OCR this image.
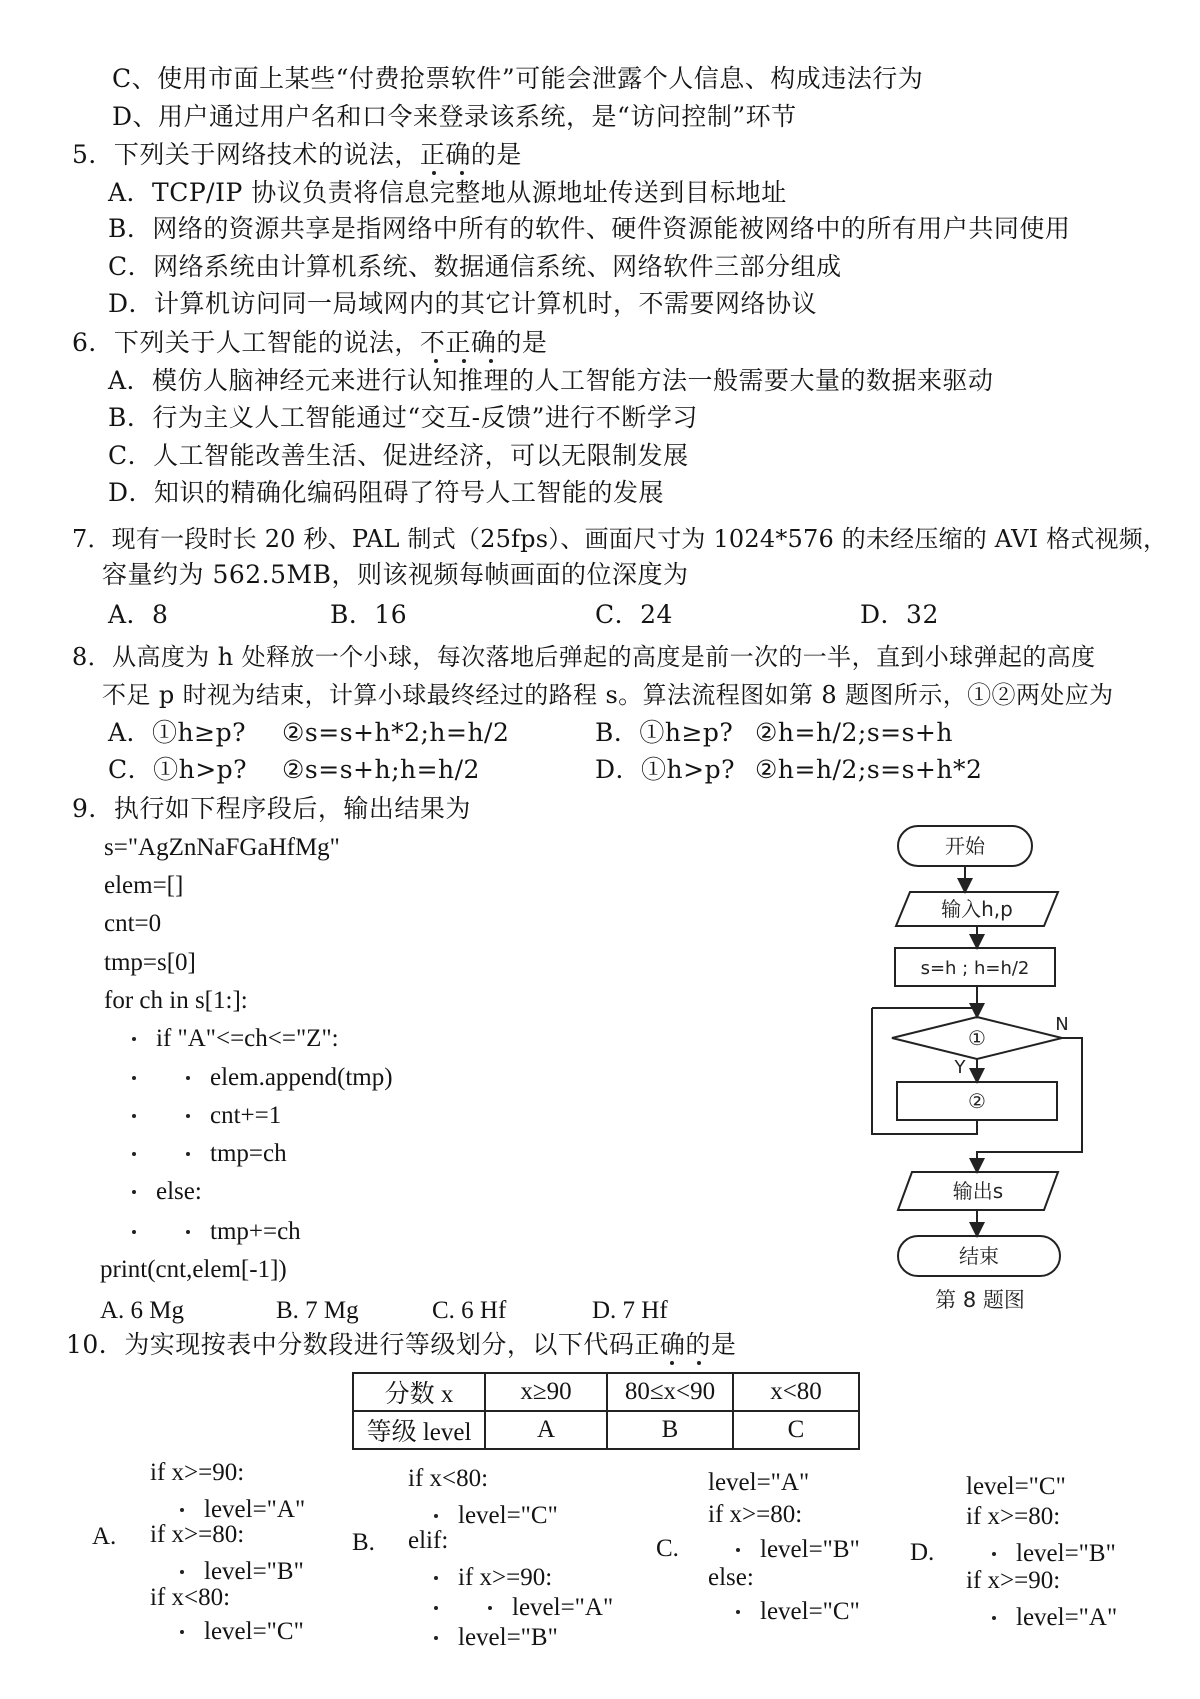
C、使用市面上某些“付费抢票软件”可能会泄露个人信息、构成违法行为
D、用户通过用户名和口令来登录该系统，是“访问控制”环节
5．下列关于网络技术的说法，正确的是
A．TCP/IP 协议负责将信息完整地从源地址传送到目标地址
B．网络的资源共享是指网络中所有的软件、硬件资源能被网络中的所有用户共同使用
C．网络系统由计算机系统、数据通信系统、网络软件三部分组成
D．计算机访问同一局域网内的其它计算机时，不需要网络协议
6．下列关于人工智能的说法，不正确的是
A．模仿人脑神经元来进行认知推理的人工智能方法一般需要大量的数据来驱动
B．行为主义人工智能通过“交互-反馈”进行不断学习
C．人工智能改善生活、促进经济，可以无限制发展
D．知识的精确化编码阻碍了符号人工智能的发展
7．现有一段时长 20 秒、PAL 制式（25fps）、画面尺寸为 1024*576 的未经压缩的 AVI 格式视频，
容量约为 562.5MB，则该视频每帧画面的位深度为
A．8	B．16	C．24	D．32
8．从高度为 h 处释放一个小球，每次落地后弹起的高度是前一次的一半，直到小球弹起的高度
不足 p 时视为结束，计算小球最终经过的路程 s。算法流程图如第 8 题图所示，①②两处应为
A．①h≥p? ②s=s+h*2;h=h/2	B．①h≥p? ②h=h/2;s=s+h
C．①h>p? ②s=s+h;h=h/2	D．①h>p? ②h=h/2;s=s+h*2
9．执行如下程序段后，输出结果为
s="AgZnNaFGaHfMg"
elem=[]
cnt=0
tmp=s[0]
for ch in s[1:]:
if "A"<=ch<="Z":
elem.append(tmp)
cnt+=1
tmp=ch
else:
tmp+=ch
print(cnt,elem[-1])
A. 6 Mg	B. 7 Mg	C. 6 Hf	D. 7 Hf
开始
输入h,p
s=h ; h=h/2
①
Y
N
②
输出s
结束
第 8 题图
10．为实现按表中分数段进行等级划分，以下代码正确的是
分数 x	x≥90	80≤x<90	x<80
等级 level	A	B	C
A.
if x>=90:
level="A"
if x>=80:
level="B"
if x<80:
level="C"
B.
if x<80:
level="C"
elif:
if x>=90:
level="A"
level="B"
C.
level="A"
if x>=80:
level="B"
else:
level="C"
D.
level="C"
if x>=80:
level="B"
if x>=90:
level="A"
